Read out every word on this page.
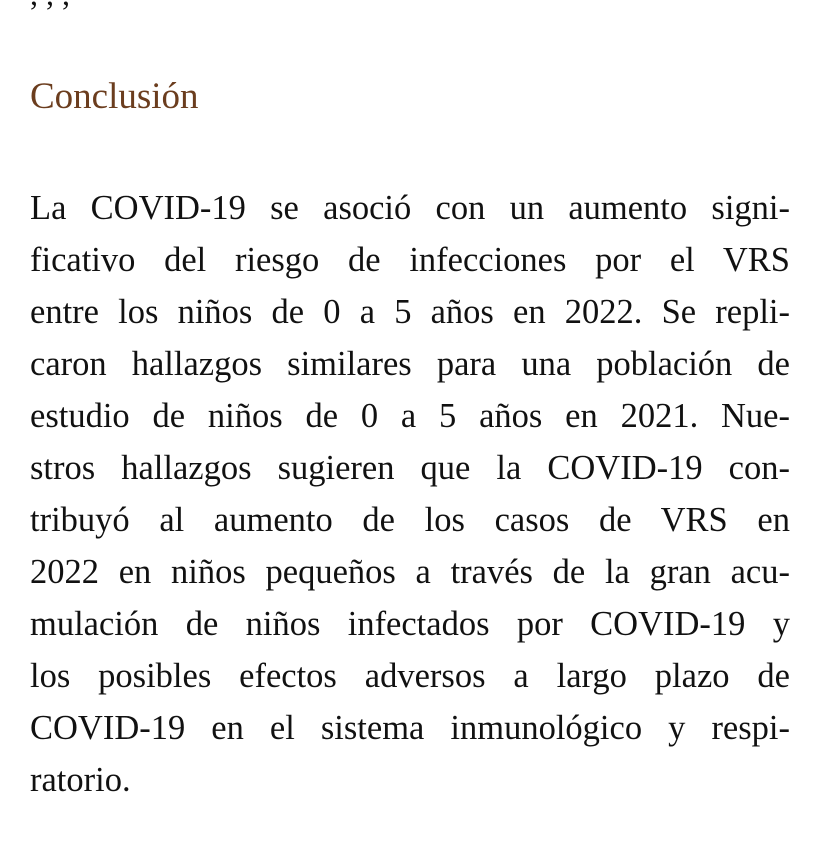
Conclusión
La COVID-19 se asoció con un aumento signi-
ficativo del riesgo de infecciones por el VRS
entre los niños de 0 a 5 años en 2022. Se repli-
caron hallazgos similares para una población de
estudio de niños de 0 a 5 años en 2021. Nue-
stros hallazgos sugieren que la COVID-19 con-
tribuyó al aumento de los casos de VRS en
2022 en niños pequeños a través de la gran acu-
mulación de niños infectados por COVID-19 y
los posibles efectos adversos a largo plazo de
COVID-19 en el sistema inmunológico y respi-
ratorio.
